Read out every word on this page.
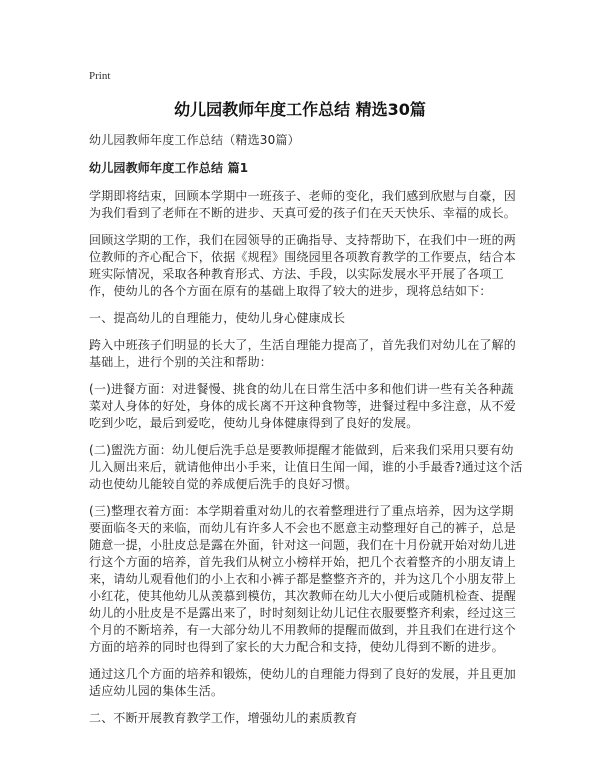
Print
幼儿园教师年度工作总结 精选30篇

幼儿园教师年度工作总结（精选30篇）

幼儿园教师年度工作总结 篇1

学期即将结束，回顾本学期中一班孩子、老师的变化，我们感到欣慰与自豪，因为我们看到了老师在不断的进步、天真可爱的孩子们在天天快乐、幸福的成长。

回顾这学期的工作，我们在园领导的正确指导、支持帮助下，在我们中一班的两位教师的齐心配合下，依据《规程》围绕园里各项教育教学的工作要点，结合本班实际情况，采取各种教育形式、方法、手段，以实际发展水平开展了各项工作，使幼儿的各个方面在原有的基础上取得了较大的进步，现将总结如下：

一、提高幼儿的自理能力，使幼儿身心健康成长

跨入中班孩子们明显的长大了，生活自理能力提高了，首先我们对幼儿在了解的基础上，进行个别的关注和帮助：

(一)进餐方面：对进餐慢、挑食的幼儿在日常生活中多和他们讲一些有关各种蔬菜对人身体的好处，身体的成长离不开这种食物等，进餐过程中多注意，从不爱吃到少吃，最后到爱吃，使幼儿身体健康得到了良好的发展。

(二)盥洗方面：幼儿便后洗手总是要教师提醒才能做到，后来我们采用只要有幼儿入厕出来后，就请他伸出小手来，让值日生闻一闻，谁的小手最香?通过这个活动也使幼儿能较自觉的养成便后洗手的良好习惯。

(三)整理衣着方面：本学期着重对幼儿的衣着整理进行了重点培养，因为这学期要面临冬天的来临，而幼儿有许多人不会也不愿意主动整理好自己的裤子，总是随意一提，小肚皮总是露在外面，针对这一问题，我们在十月份就开始对幼儿进行这个方面的培养，首先我们从树立小榜样开始，把几个衣着整齐的小朋友请上来，请幼儿观看他们的小上衣和小裤子都是整整齐齐的，并为这几个小朋友带上小红花，使其他幼儿从羡慕到模仿，其次教师在幼儿大小便后或随机检查、提醒幼儿的小肚皮是不是露出来了，时时刻刻让幼儿记住衣服要整齐利索，经过这三个月的不断培养，有一大部分幼儿不用教师的提醒而做到，并且我们在进行这个方面的培养的同时也得到了家长的大力配合和支持，使幼儿得到不断的进步。

通过这几个方面的培养和锻炼，使幼儿的自理能力得到了良好的发展，并且更加适应幼儿园的集体生活。

二、不断开展教育教学工作，增强幼儿的素质教育
